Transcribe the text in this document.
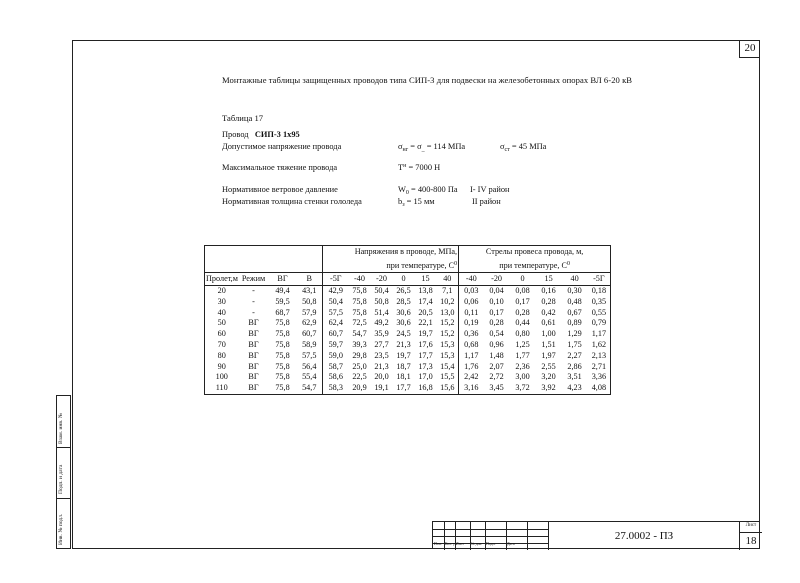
20
Монтажные таблицы защищенных проводов типа СИП-3 для подвески на железобетонных опорах ВЛ 6-20 кВ
Таблица 17
Провод СИП-3 1х95
Допустимое напряжение провода	$\sigma_{нг} = \sigma_{\_} = 114$ МПа	$\sigma_{ст} = 45$ МПа
Максимальное тяжение провода	$T^н = 7000$ Н
Нормативное ветровое давление	$W_0 = 400-800$ Па I- IV район
Нормативная толщина стенки гололеда	$b_з = 15$ мм	II район
				Напряжения в проводе, МПа,						Стрелы провеса провода, м,					
				при температуре, $С^0$						при температуре, $С^0$
Пролет,м	Режим	ВГ	В	-5Г	-40	-20	0	15	40	-40	-20	0	15	40	-5Г
20	-	49,4	43,1	42,9	75,8	50,4	26,5	13,8	7,1	0,03	0,04	0,08	0,16	0,30	0,18
30	-	59,5	50,8	50,4	75,8	50,8	28,5	17,4	10,2	0,06	0,10	0,17	0,28	0,48	0,35
40	-	68,7	57,9	57,5	75,8	51,4	30,6	20,5	13,0	0,11	0,17	0,28	0,42	0,67	0,55
50	ВГ	75,8	62,9	62,4	72,5	49,2	30,6	22,1	15,2	0,19	0,28	0,44	0,61	0,89	0,79
60	ВГ	75,8	60,7	60,7	54,7	35,9	24,5	19,7	15,2	0,36	0,54	0,80	1,00	1,29	1,17
70	ВГ	75,8	58,9	59,7	39,3	27,7	21,3	17,6	15,3	0,68	0,96	1,25	1,51	1,75	1,62
80	ВГ	75,8	57,5	59,0	29,8	23,5	19,7	17,7	15,3	1,17	1,48	1,77	1,97	2,27	2,13
90	ВГ	75,8	56,4	58,7	25,0	21,3	18,7	17,3	15,4	1,76	2,07	2,36	2,55	2,86	2,71
100	ВГ	75,8	55,4	58,6	22,5	20,0	18,1	17,0	15,5	2,42	2,72	3,00	3,20	3,51	3,36
110	ВГ	75,8	54,7	58,3	20,9	19,1	17,7	16,8	15,6	3,16	3,45	3,72	3,92	4,23	4,08
Инв. № подл.
Подп. и дата
Взам. инв. №
Изм. Кол. уч Лист № док. Подп.	Дата
27.0002 - ПЗ
Лист
18
